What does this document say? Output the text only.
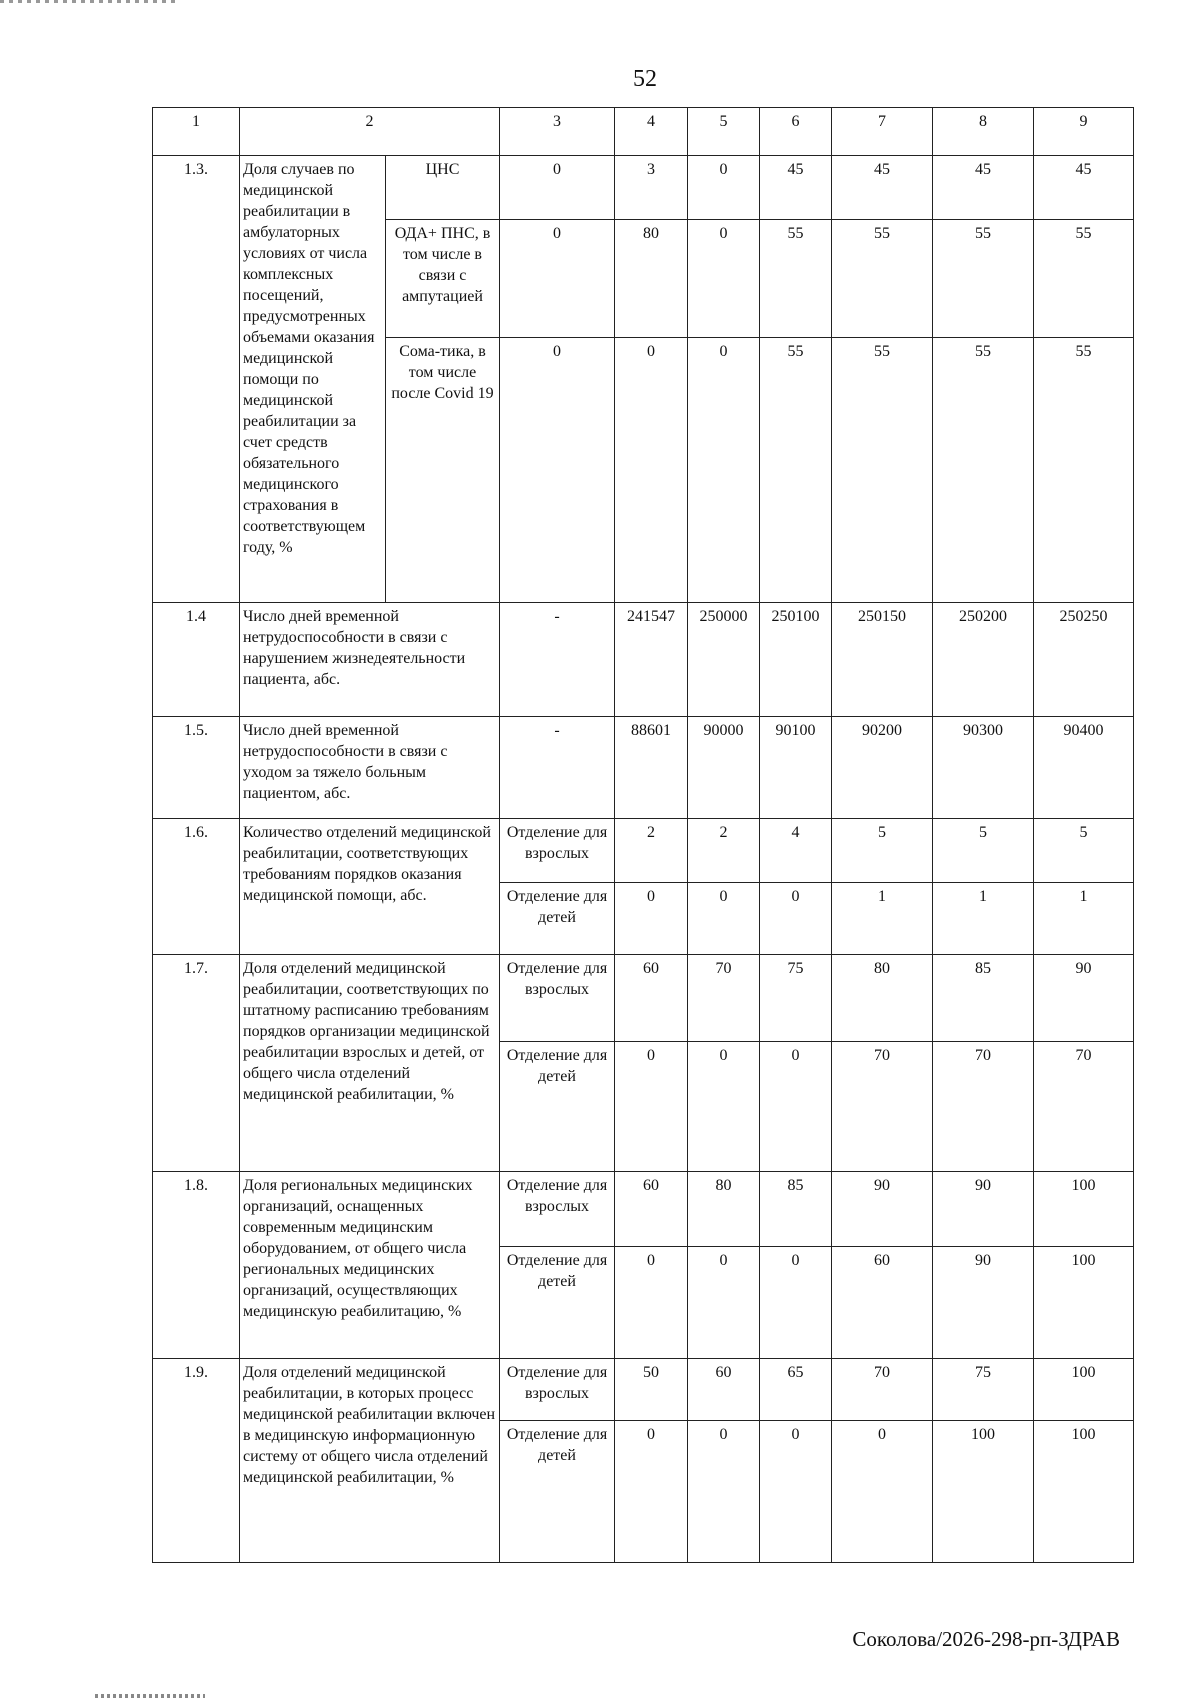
52
1	2		3	4	5	6	7	8	9
1.3.	Доля случаев по медицинской реабилитации в амбулаторных условиях от числа комплексных посещений, предусмотренных объемами оказания медицинской помощи по медицинской реабилитации за счет средств обязательного медицинского страхования в соответствующем году, %	ЦНС	0	3	0	45	45	45	45
		ОДА+ ПНС, в том числе в связи с ампутацией	0	80	0	55	55	55	55
		Сома-тика, в том числе после Covid 19	0	0	0	55	55	55	55
1.4	Число дней временной нетрудоспособности в связи с нарушением жизнедеятельности пациента, абс.		-	241547	250000	250100	250150	250200	250250
1.5.	Число дней временной нетрудоспособности в связи с уходом за тяжело больным пациентом, абс.		-	88601	90000	90100	90200	90300	90400
1.6.	Количество отделений медицинской реабилитации, соответствующих требованиям порядков оказания медицинской помощи, абс.		Отделение для взрослых	2	2	4	5	5	5
			Отделение для детей	0	0	0	1	1	1
1.7.	Доля отделений медицинской реабилитации, соответствующих по штатному расписанию требованиям порядков организации медицинской реабилитации взрослых и детей, от общего числа отделений медицинской реабилитации, %		Отделение для взрослых	60	70	75	80	85	90
			Отделение для детей	0	0	0	70	70	70
1.8.	Доля региональных медицинских организаций, оснащенных современным медицинским оборудованием, от общего числа региональных медицинских организаций, осуществляющих медицинскую реабилитацию, %		Отделение для взрослых	60	80	85	90	90	100
			Отделение для детей	0	0	0	60	90	100
1.9.	Доля отделений медицинской реабилитации, в которых процесс медицинской реабилитации включен в медицинскую информационную систему от общего числа отделений медицинской реабилитации, %		Отделение для взрослых	50	60	65	70	75	100
			Отделение для детей	0	0	0	0	100	100
Соколова/2026-298-рп-ЗДРАВ
